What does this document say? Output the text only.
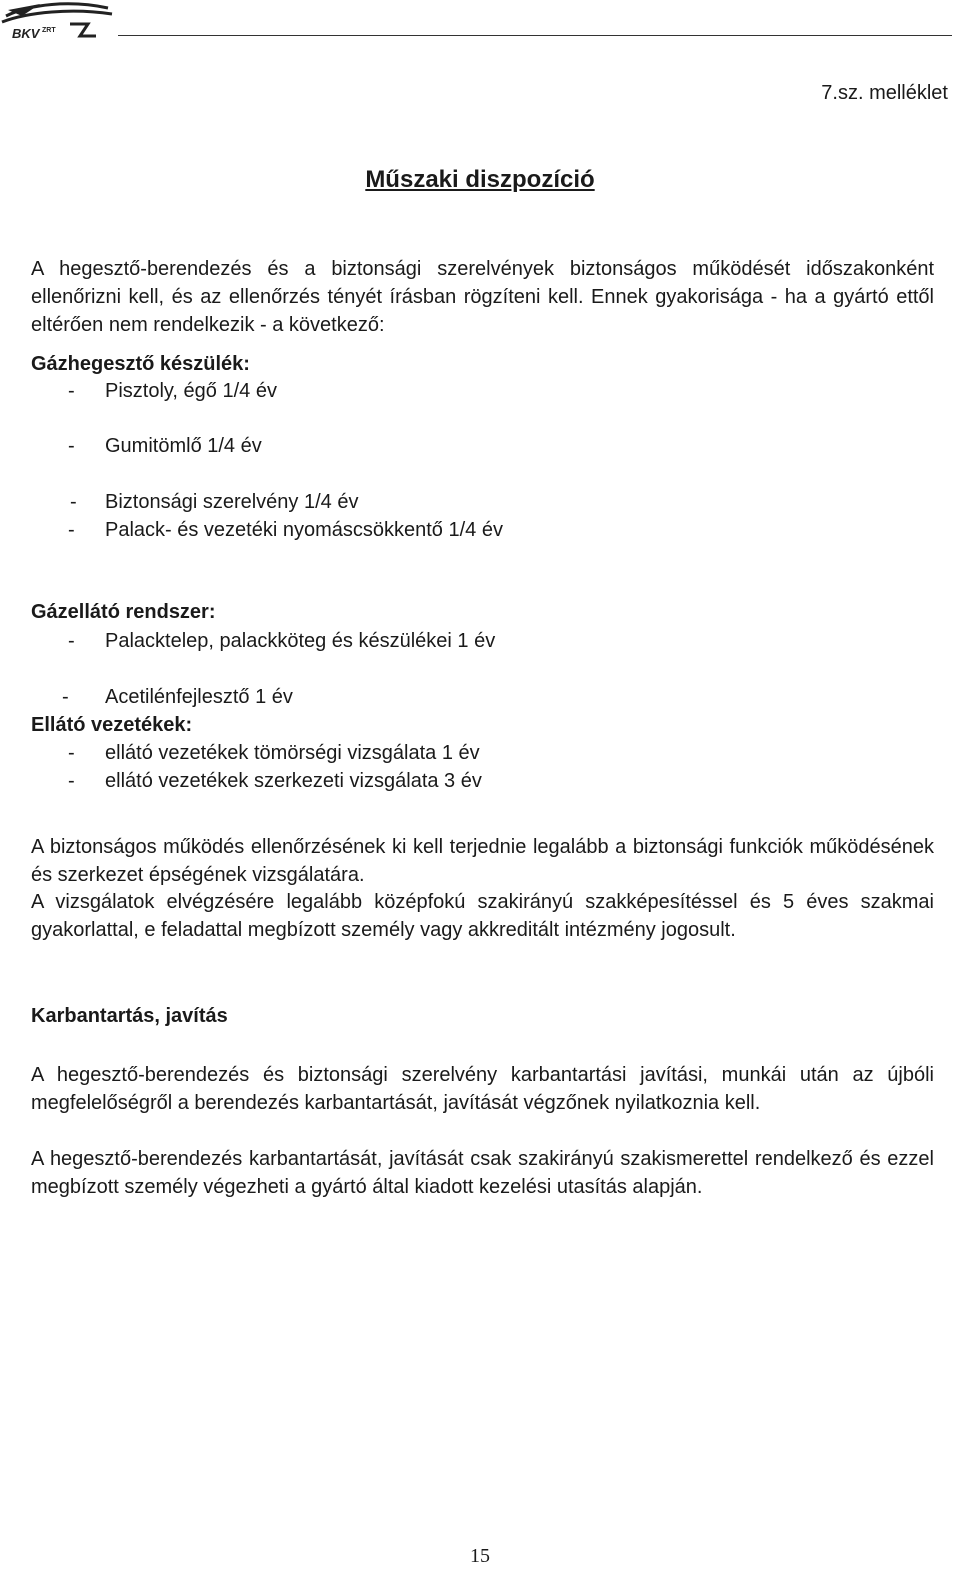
BKV ZRT
7.sz. melléklet
Műszaki diszpozíció
A hegesztő-berendezés és a biztonsági szerelvények biztonságos működését időszakonként ellenőrizni kell, és az ellenőrzés tényét írásban rögzíteni kell. Ennek gyakorisága - ha a gyártó ettől eltérően nem rendelkezik - a következő:
Gázhegesztő készülék:
- Pisztoly, égő 1/4 év
- Gumitömlő 1/4 év
- Biztonsági szerelvény 1/4 év
- Palack- és vezetéki nyomáscsökkentő 1/4 év
Gázellátó rendszer:
- Palacktelep, palackköteg és készülékei 1 év
- Acetilénfejlesztő 1 év
Ellátó vezetékek:
- ellátó vezetékek tömörségi vizsgálata 1 év
- ellátó vezetékek szerkezeti vizsgálata 3 év
A biztonságos működés ellenőrzésének ki kell terjednie legalább a biztonsági funkciók működésének és szerkezet épségének vizsgálatára.
A vizsgálatok elvégzésére legalább középfokú szakirányú szakképesítéssel és 5 éves szakmai gyakorlattal, e feladattal megbízott személy vagy akkreditált intézmény jogosult.
Karbantartás, javítás
A hegesztő-berendezés és biztonsági szerelvény karbantartási javítási, munkái után az újbóli megfelelőségről a berendezés karbantartását, javítását végzőnek nyilatkoznia kell.
A hegesztő-berendezés karbantartását, javítását csak szakirányú szakismerettel rendelkező és ezzel megbízott személy végezheti a gyártó által kiadott kezelési utasítás alapján.
15
